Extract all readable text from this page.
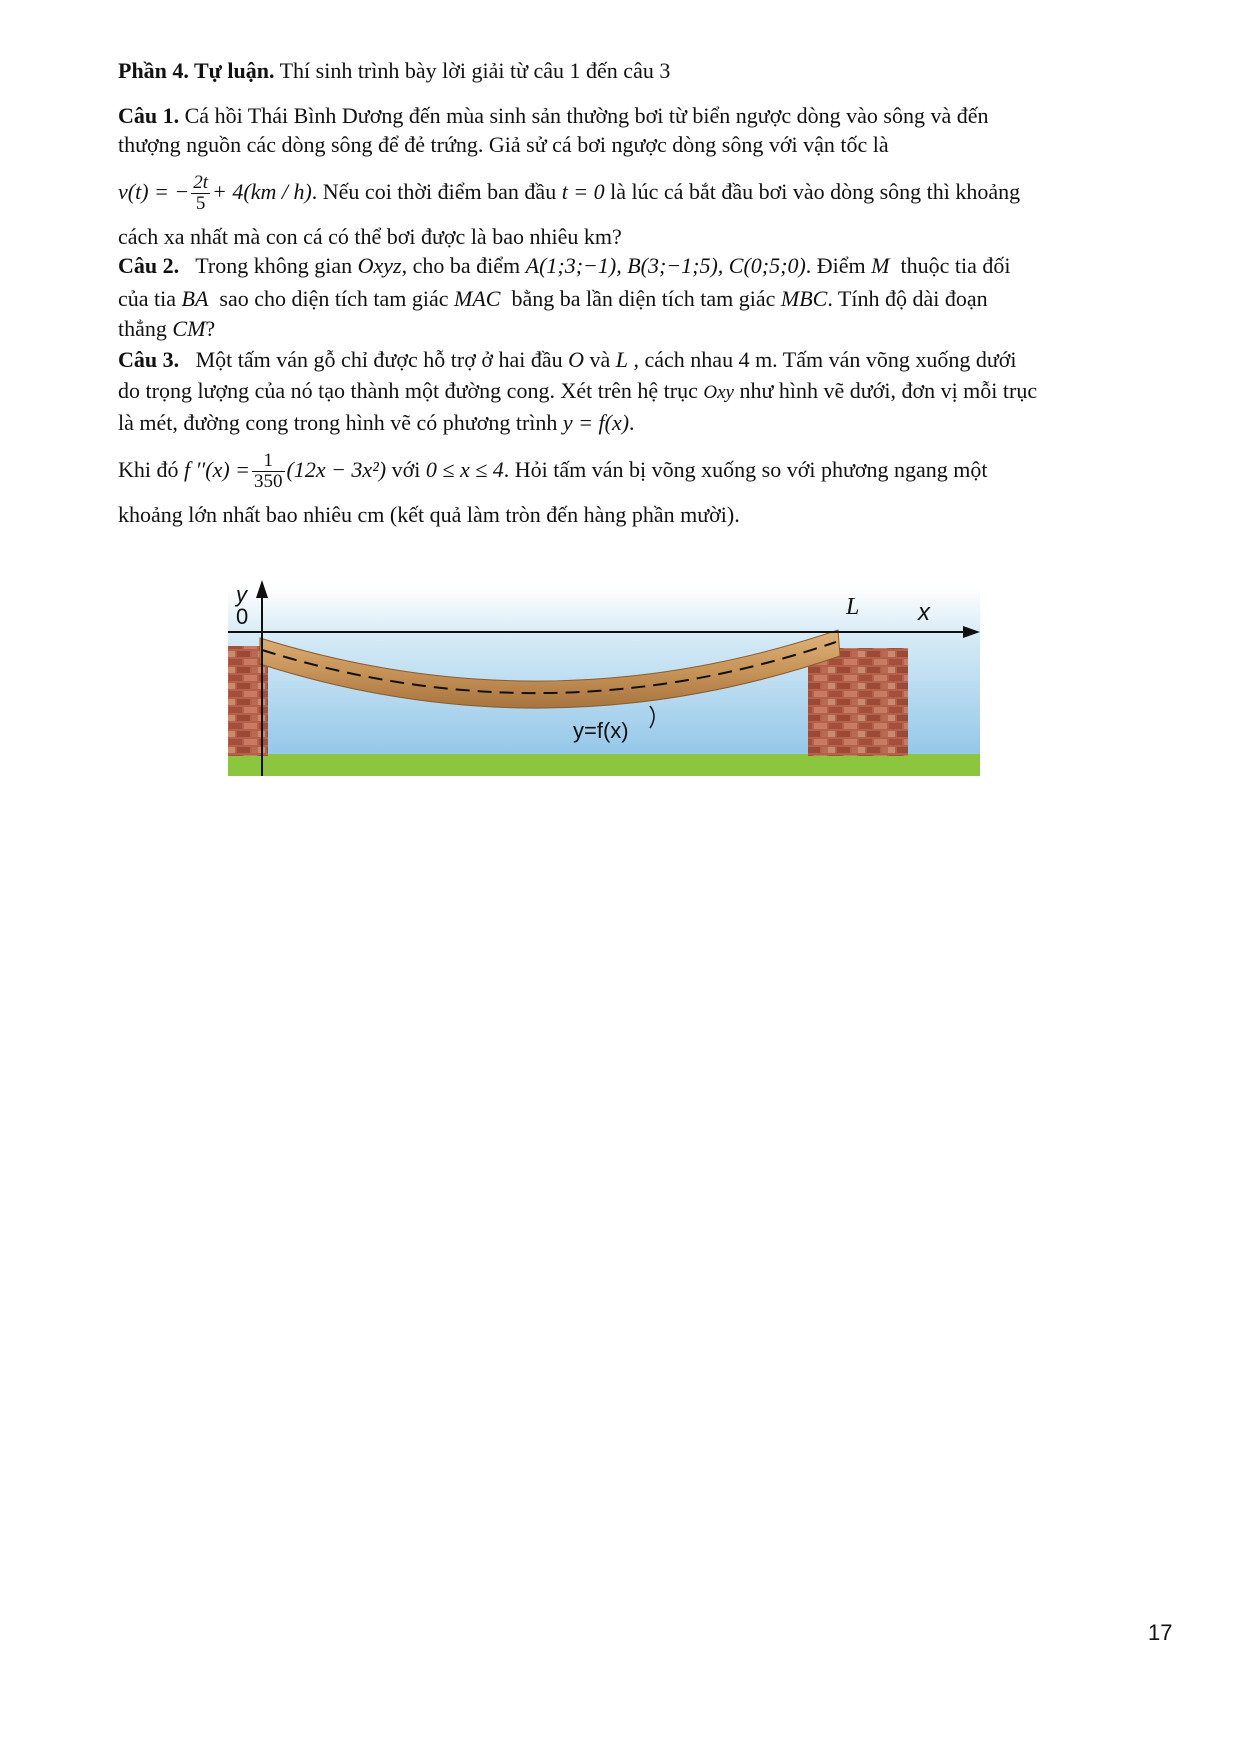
Phần 4. Tự luận. Thí sinh trình bày lời giải từ câu 1 đến câu 3
Câu 1. Cá hồi Thái Bình Dương đến mùa sinh sản thường bơi từ biển ngược dòng vào sông và đến
thượng nguồn các dòng sông để đẻ trứng. Giả sử cá bơi ngược dòng sông với vận tốc là
v(t) = − $\frac{2t}{5} + 4(km / h)$. Nếu coi thời điểm ban đầu t = 0 là lúc cá bắt đầu bơi vào dòng sông thì khoảng
cách xa nhất mà con cá có thể bơi được là bao nhiêu km?
Câu 2. Trong không gian Oxyz, cho ba điểm A(1;3;−1), B(3;−1;5), C(0;5;0). Điểm M thuộc tia đối
của tia BA sao cho diện tích tam giác MAC bằng ba lần diện tích tam giác MBC. Tính độ dài đoạn
thẳng CM?
Câu 3. Một tấm ván gỗ chỉ được hỗ trợ ở hai đầu O và L , cách nhau 4 m. Tấm ván võng xuống dưới
do trọng lượng của nó tạo thành một đường cong. Xét trên hệ trục Oxy như hình vẽ dưới, đơn vị mỗi trục
là mét, đường cong trong hình vẽ có phương trình y = f(x).
Khi đó f $''(x) = \frac{1}{350} (12x - 3x^2)$ với 0 ≤ x ≤ 4. Hỏi tấm ván bị võng xuống so với phương ngang một
khoảng lớn nhất bao nhiêu cm (kết quả làm tròn đến hàng phần mười).
y
0	L x
y=f(x)
17
